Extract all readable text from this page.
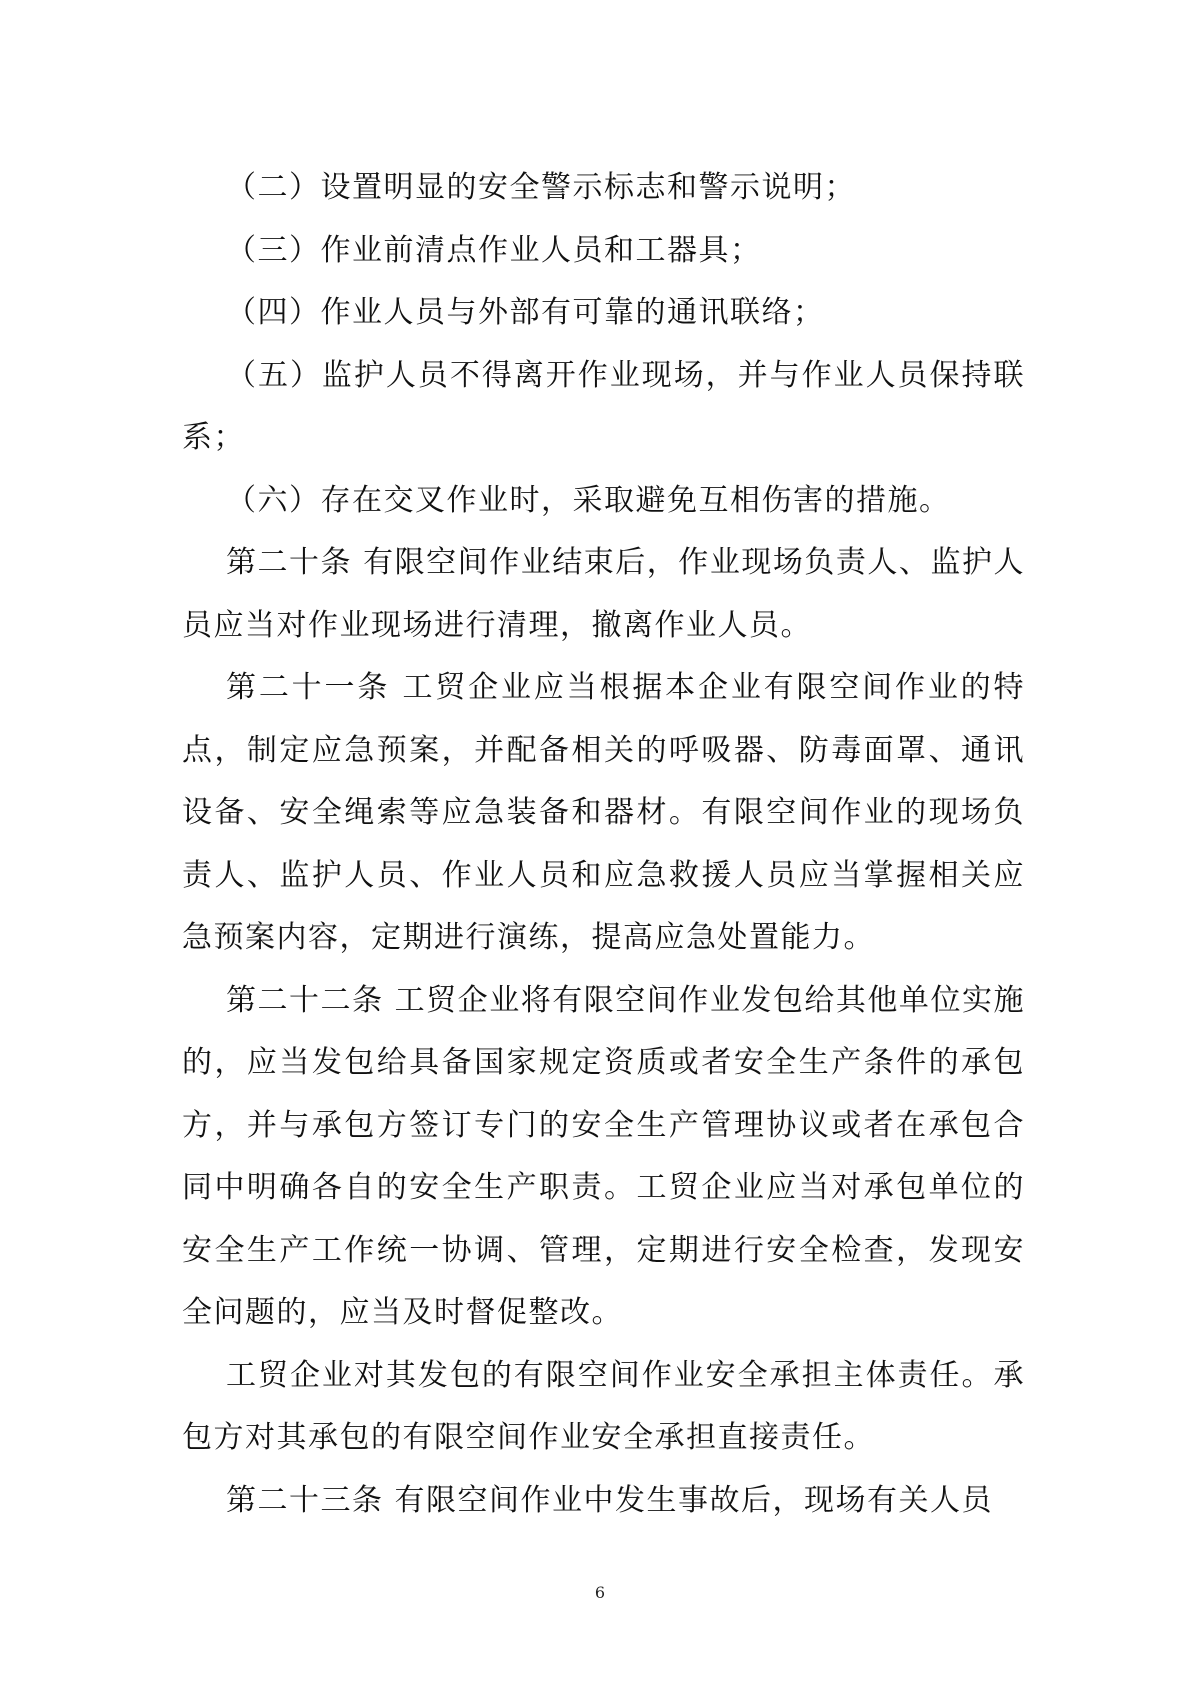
（二）设置明显的安全警示标志和警示说明；

（三）作业前清点作业人员和工器具；

（四）作业人员与外部有可靠的通讯联络；

（五）监护人员不得离开作业现场，并与作业人员保持联系；

（六）存在交叉作业时，采取避免互相伤害的措施。

第二十条 有限空间作业结束后，作业现场负责人、监护人员应当对作业现场进行清理，撤离作业人员。

第二十一条 工贸企业应当根据本企业有限空间作业的特点，制定应急预案，并配备相关的呼吸器、防毒面罩、通讯设备、安全绳索等应急装备和器材。有限空间作业的现场负责人、监护人员、作业人员和应急救援人员应当掌握相关应急预案内容，定期进行演练，提高应急处置能力。

第二十二条 工贸企业将有限空间作业发包给其他单位实施的，应当发包给具备国家规定资质或者安全生产条件的承包方，并与承包方签订专门的安全生产管理协议或者在承包合同中明确各自的安全生产职责。工贸企业应当对承包单位的安全生产工作统一协调、管理，定期进行安全检查，发现安全问题的，应当及时督促整改。

工贸企业对其发包的有限空间作业安全承担主体责任。承包方对其承包的有限空间作业安全承担直接责任。

第二十三条 有限空间作业中发生事故后，现场有关人员

6
